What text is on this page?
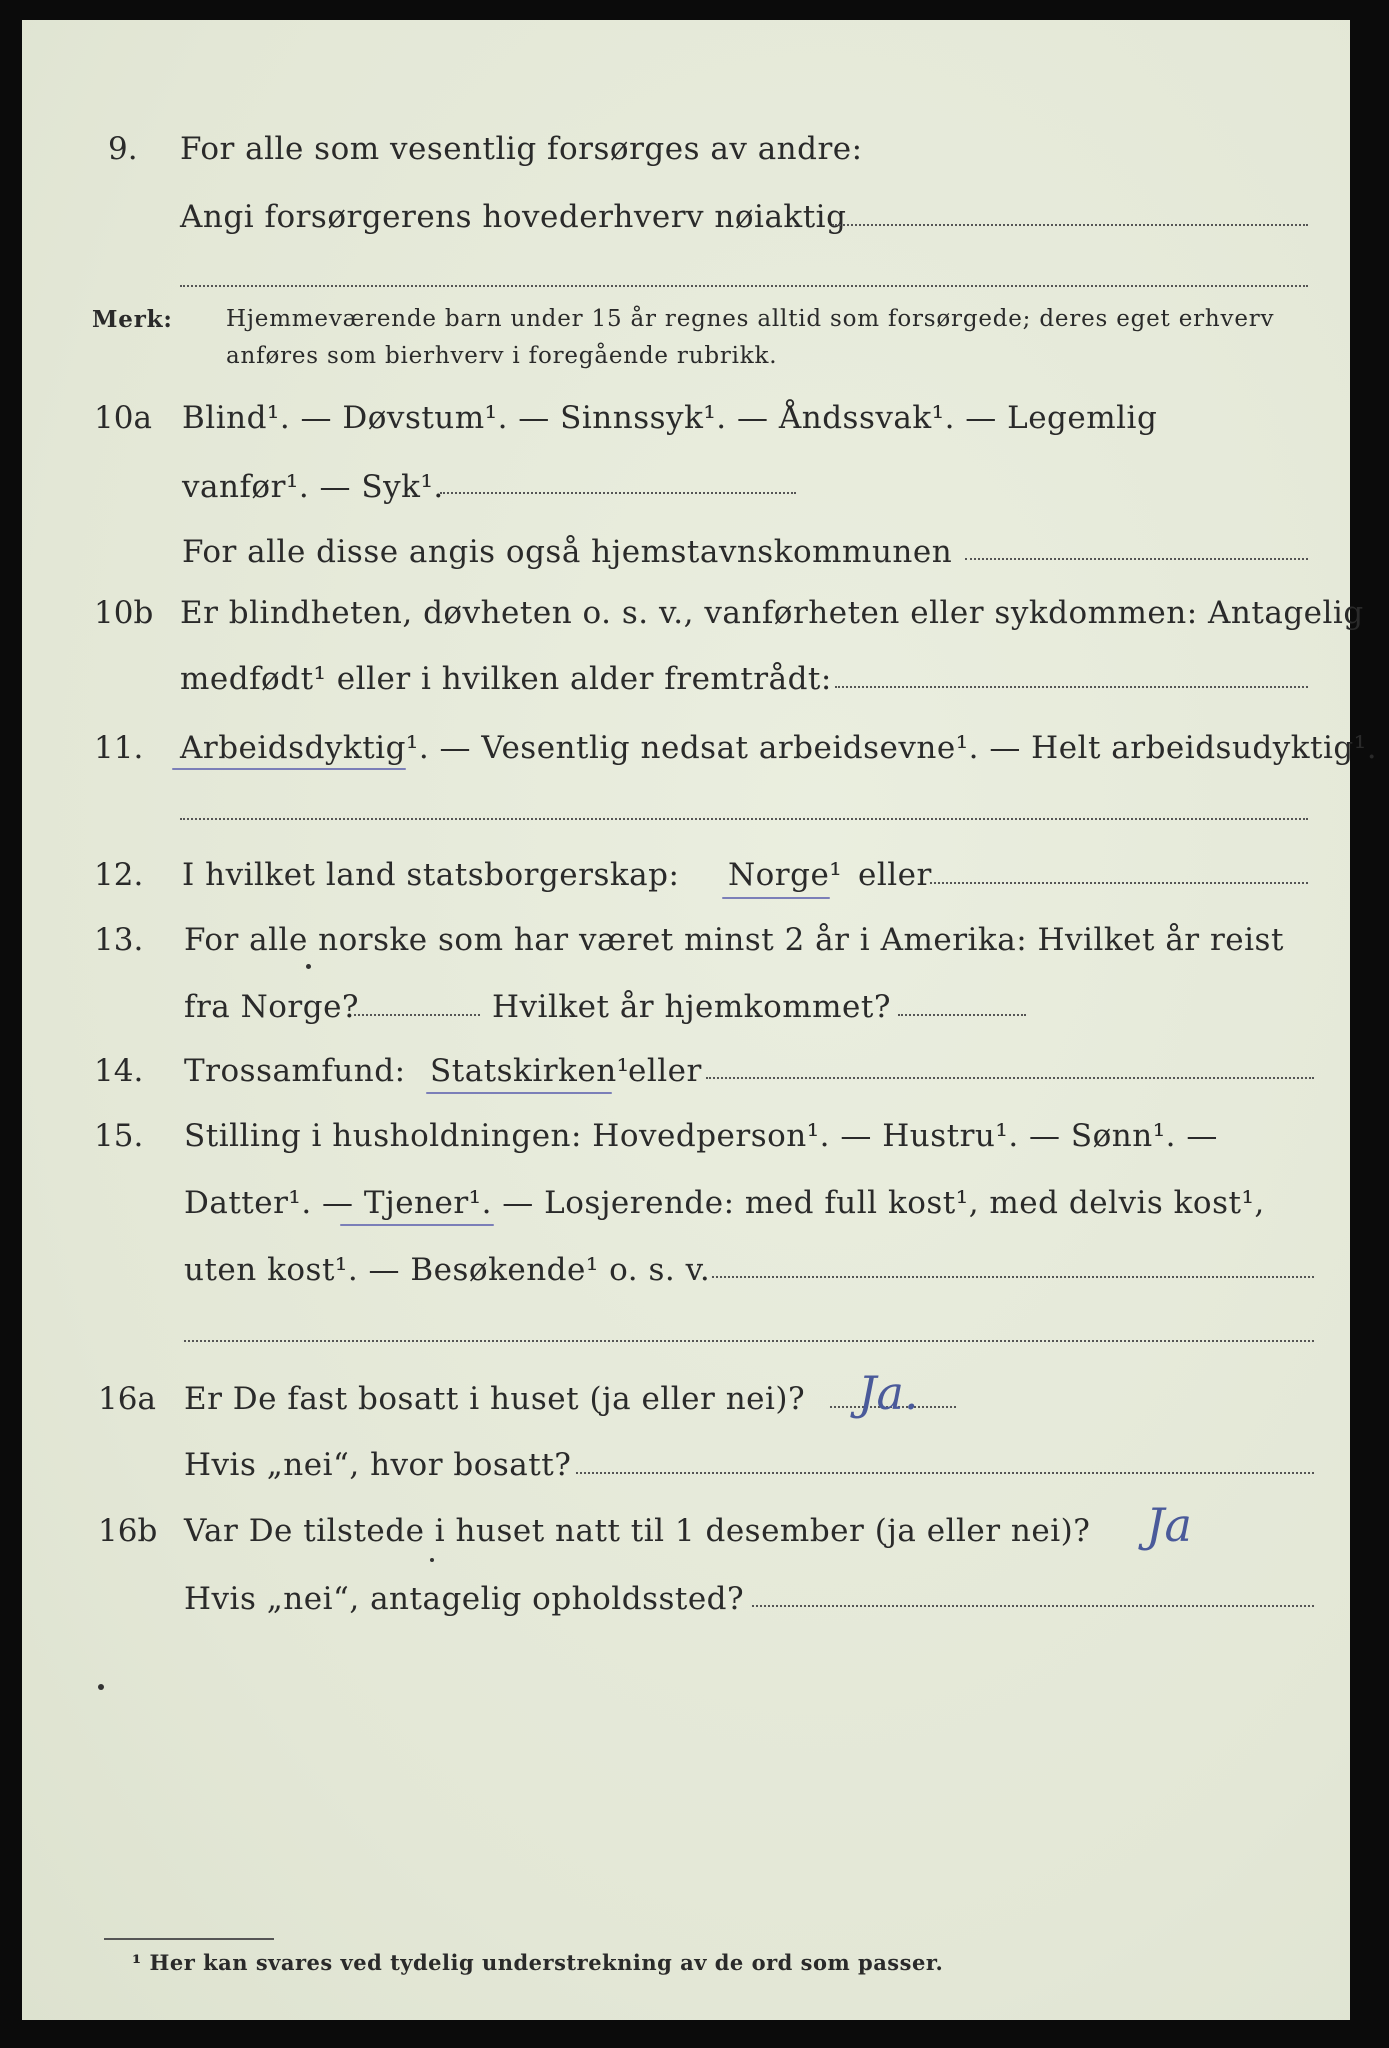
9. For alle som vesentlig forsørges av andre:
Angi forsørgerens hovederhverv nøiaktig
Merk: Hjemmeværende barn under 15 år regnes alltid som forsørgede; deres eget erhverv
anføres som bierhverv i foregående rubrikk.
10a Blind¹. — Døvstum¹. — Sinnssyk¹. — Åndssvak¹. — Legemlig
vanfør¹. — Syk¹.
For alle disse angis også hjemstavnskommunen
10b Er blindheten, døvheten o. s. v., vanførheten eller sykdommen: Antagelig
medfødt¹ eller i hvilken alder fremtrådt:
11. Arbeidsdyktig¹. — Vesentlig nedsat arbeidsevne¹. — Helt arbeidsudyktig¹.
12. I hvilket land statsborgerskap: Norge¹ eller
13. For alle norske som har været minst 2 år i Amerika: Hvilket år reist
fra Norge?	Hvilket år hjemkommet?
14. Trossamfund: Statskirken¹
eller
15. Stilling i husholdningen: Hovedperson¹. — Hustru¹. — Sønn¹. —
Datter¹. — Tjener¹. — Losjerende: med full kost¹, med delvis kost¹,
uten kost¹. — Besøkende¹ o. s. v.
16a Er De fast bosatt i huset (ja eller nei)? Ja.
Hvis „nei“, hvor bosatt?
16b Var De tilstede i huset natt til 1 desember (ja eller nei)? Ja
Hvis „nei“, antagelig opholdssted?
¹ Her kan svares ved tydelig understrekning av de ord som passer.
